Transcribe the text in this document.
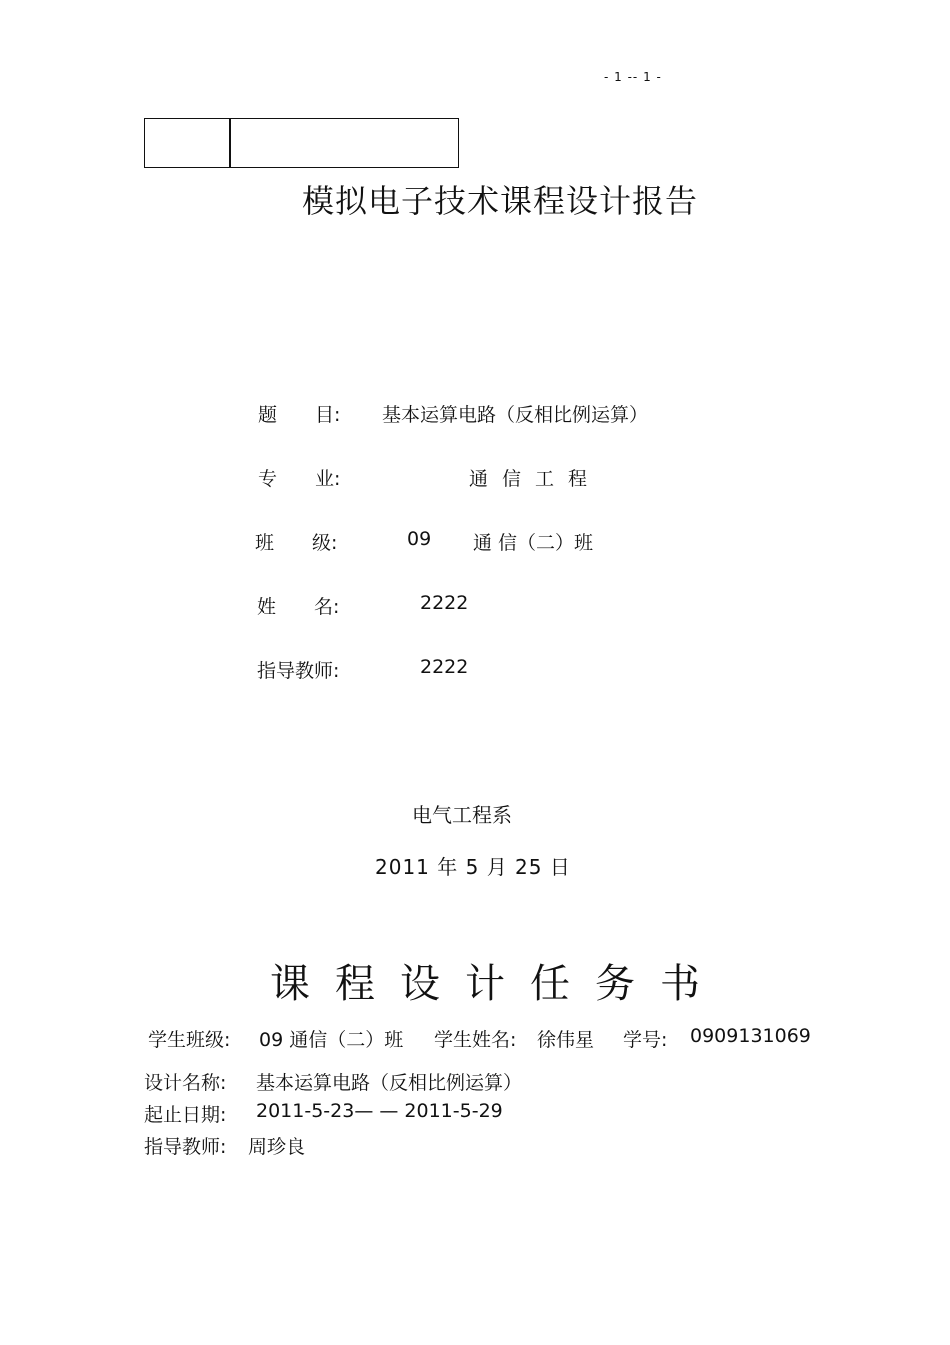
- 1 -- 1 -
模拟电子技术课程设计报告
题　　目: 基本运算电路（反相比例运算）
专　　业:	通信工程
班　　级:	09 通 信（二）班
姓　　名:	2222
指导教师:	2222
电气工程系
2011 年 5 月 25 日
课程设计任务书
学生班级: 09 通信（二）班 学生姓名: 徐伟星 学号: 0909131069
设计名称: 基本运算电路（反相比例运算）
起止日期: 2011-5-23— — 2011-5-29
指导教师: 周珍良
